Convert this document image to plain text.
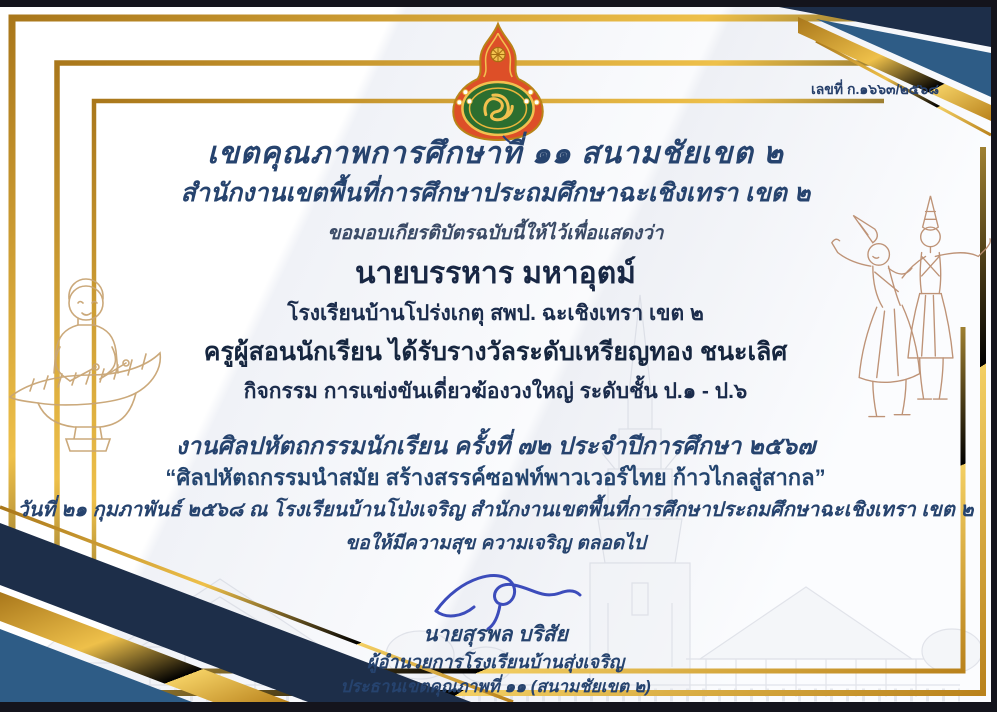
เลขที่ ก.๑๖๖๓/๒๕๖๘
เขตคุณภาพการศึกษาที่ ๑๑ สนามชัยเขต ๒
สำนักงานเขตพื้นที่การศึกษาประถมศึกษาฉะเชิงเทรา เขต ๒
ขอมอบเกียรติบัตรฉบับนี้ให้ไว้เพื่อแสดงว่า
นายบรรหาร มหาอุตม์
โรงเรียนบ้านโปร่งเกตุ สพป. ฉะเชิงเทรา เขต ๒
ครูผู้สอนนักเรียน ได้รับรางวัลระดับเหรียญทอง ชนะเลิศ
กิจกรรม การแข่งขันเดี่ยวฆ้องวงใหญ่ ระดับชั้น ป.๑ - ป.๖
งานศิลปหัตถกรรมนักเรียน ครั้งที่ ๗๒ ประจำปีการศึกษา ๒๕๖๗
“ศิลปหัตถกรรมนำสมัย สร้างสรรค์ซอฟท์พาวเวอร์ไทย ก้าวไกลสู่สากล”
วันที่ ๒๑ กุมภาพันธ์ ๒๕๖๘ ณ โรงเรียนบ้านโป่งเจริญ สำนักงานเขตพื้นที่การศึกษาประถมศึกษาฉะเชิงเทรา เขต ๒
ขอให้มีความสุข ความเจริญ ตลอดไป
นายสุรพล บริสัย
ผู้อำนวยการโรงเรียนบ้านสุ่งเจริญ
ประธานเขตคุณภาพที่ ๑๑ (สนามชัยเขต ๒)
